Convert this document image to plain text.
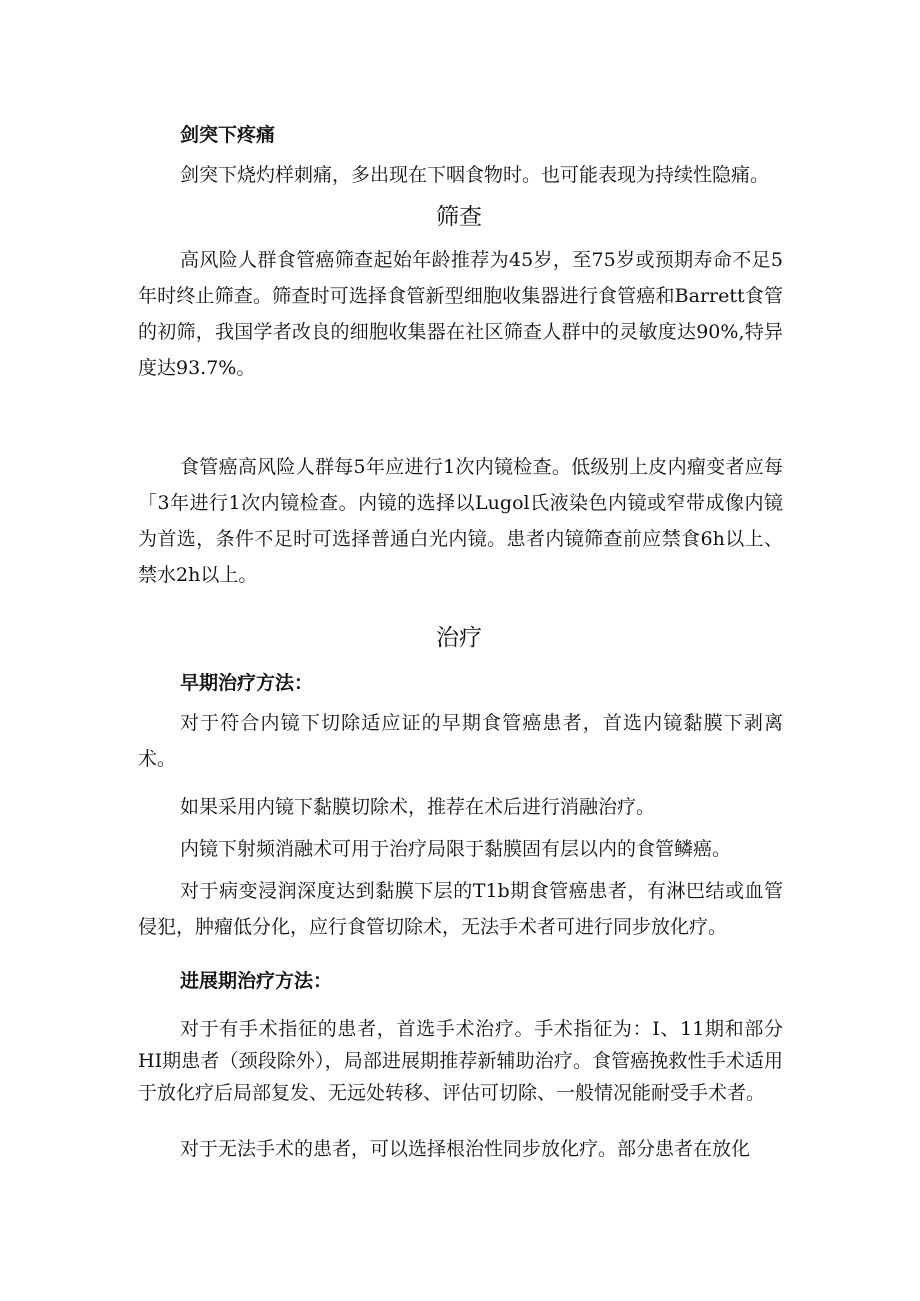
剑突下疼痛

剑突下烧灼样刺痛，多出现在下咽食物时。也可能表现为持续性隐痛。

筛查

高风险人群食管癌筛查起始年龄推荐为45岁，至75岁或预期寿命不足5年时终止筛查。筛查时可选择食管新型细胞收集器进行食管癌和Barrett食管的初筛，我国学者改良的细胞收集器在社区筛查人群中的灵敏度达90%,特异度达93.7%。

食管癌高风险人群每5年应进行1次内镜检查。低级别上皮内瘤变者应每「3年进行1次内镜检查。内镜的选择以Lugol氏液染色内镜或窄带成像内镜为首选，条件不足时可选择普通白光内镜。患者内镜筛查前应禁食6h以上、禁水2h以上。

治疗

早期治疗方法：

对于符合内镜下切除适应证的早期食管癌患者，首选内镜黏膜下剥离术。

如果采用内镜下黏膜切除术，推荐在术后进行消融治疗。

内镜下射频消融术可用于治疗局限于黏膜固有层以内的食管鳞癌。

对于病变浸润深度达到黏膜下层的T1b期食管癌患者，有淋巴结或血管侵犯，肿瘤低分化，应行食管切除术，无法手术者可进行同步放化疗。

进展期治疗方法：

对于有手术指征的患者，首选手术治疗。手术指征为：I、11期和部分HI期患者（颈段除外），局部进展期推荐新辅助治疗。食管癌挽救性手术适用于放化疗后局部复发、无远处转移、评估可切除、一般情况能耐受手术者。

对于无法手术的患者，可以选择根治性同步放化疗。部分患者在放化
